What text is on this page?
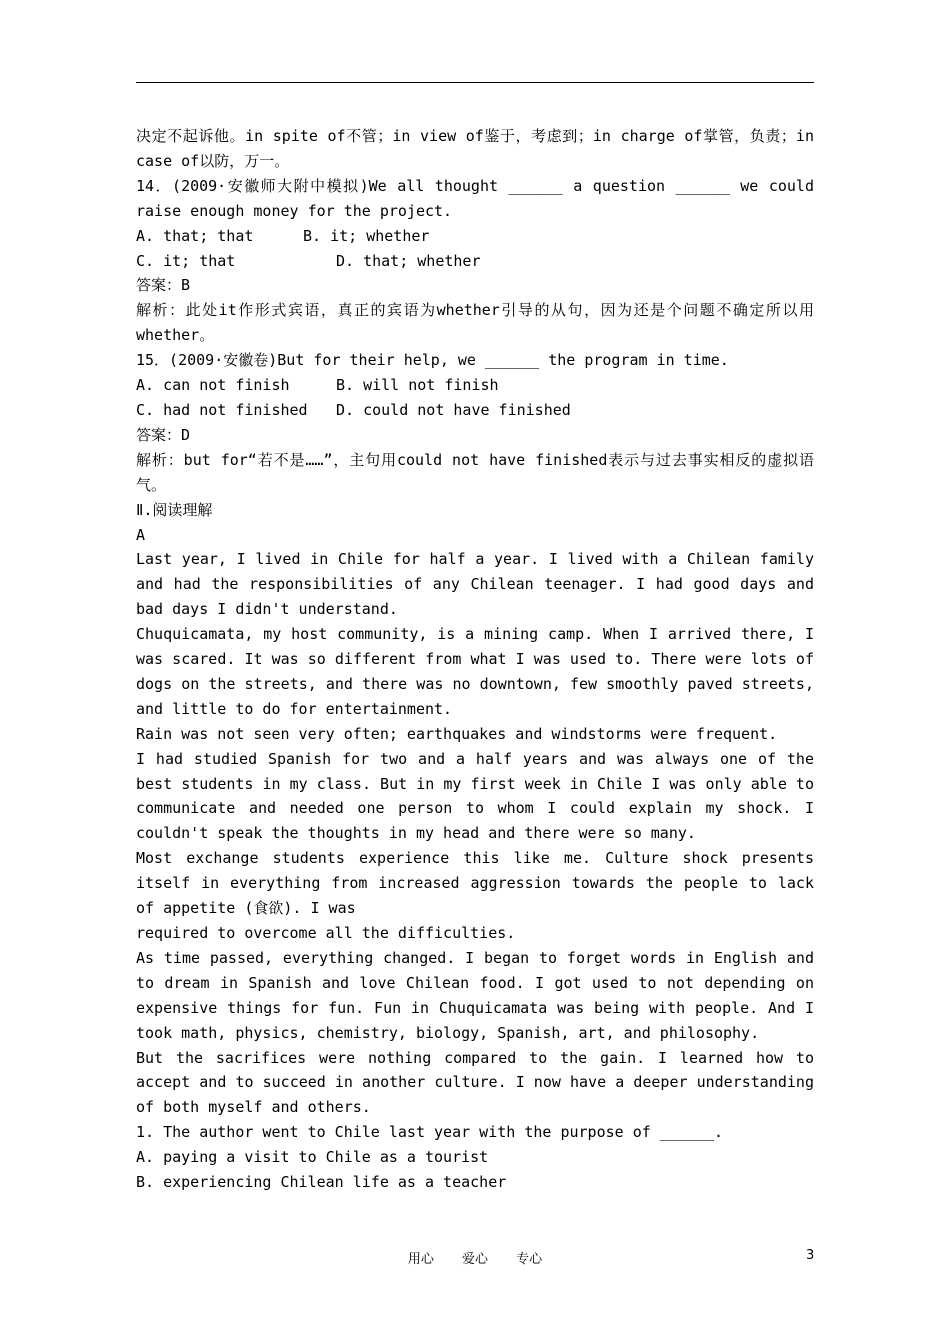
决定不起诉他。in spite of不管；in view of鉴于，考虑到；in charge of掌管，负责；in case of以防，万一。

14．(2009·安徽师大附中模拟)We all thought ______ a question ______ we could raise enough money for the project.

A. that; that	B. it; whether
C. it; that	D. that; whether

答案：B

解析：此处it作形式宾语，真正的宾语为whether引导的从句，因为还是个问题不确定所以用whether。

15．(2009·安徽卷)But for their help, we ______ the program in time.

A. can not finish	B. will not finish
C. had not finished	D. could not have finished

答案：D

解析：but for“若不是……”，主句用could not have finished表示与过去事实相反的虚拟语气。

Ⅱ.阅读理解

A

Last year, I lived in Chile for half a year. I lived with a Chilean family and had the responsibilities of any Chilean teenager. I had good days and bad days I didn't understand.

Chuquicamata, my host community, is a mining camp. When I arrived there, I was scared. It was so different from what I was used to. There were lots of dogs on the streets, and there was no downtown, few smoothly paved streets, and little to do for entertainment.

Rain was not seen very often; earthquakes and windstorms were frequent.

I had studied Spanish for two and a half years and was always one of the best students in my class. But in my first week in Chile I was only able to communicate and needed one person to whom I could explain my shock. I couldn't speak the thoughts in my head and there were so many.

Most exchange students experience this like me. Culture shock presents itself in everything from increased aggression towards the people to lack of appetite (食欲). I was

required to overcome all the difficulties.

As time passed, everything changed. I began to forget words in English and to dream in Spanish and love Chilean food. I got used to not depending on expensive things for fun. Fun in Chuquicamata was being with people. And I took math, physics, chemistry, biology, Spanish, art, and philosophy.

But the sacrifices were nothing compared to the gain. I learned how to accept and to succeed in another culture. I now have a deeper understanding of both myself and others.

1. The author went to Chile last year with the purpose of ______.

A. paying a visit to Chile as a tourist

B. experiencing Chilean life as a teacher

用心 爱心 专心	3
